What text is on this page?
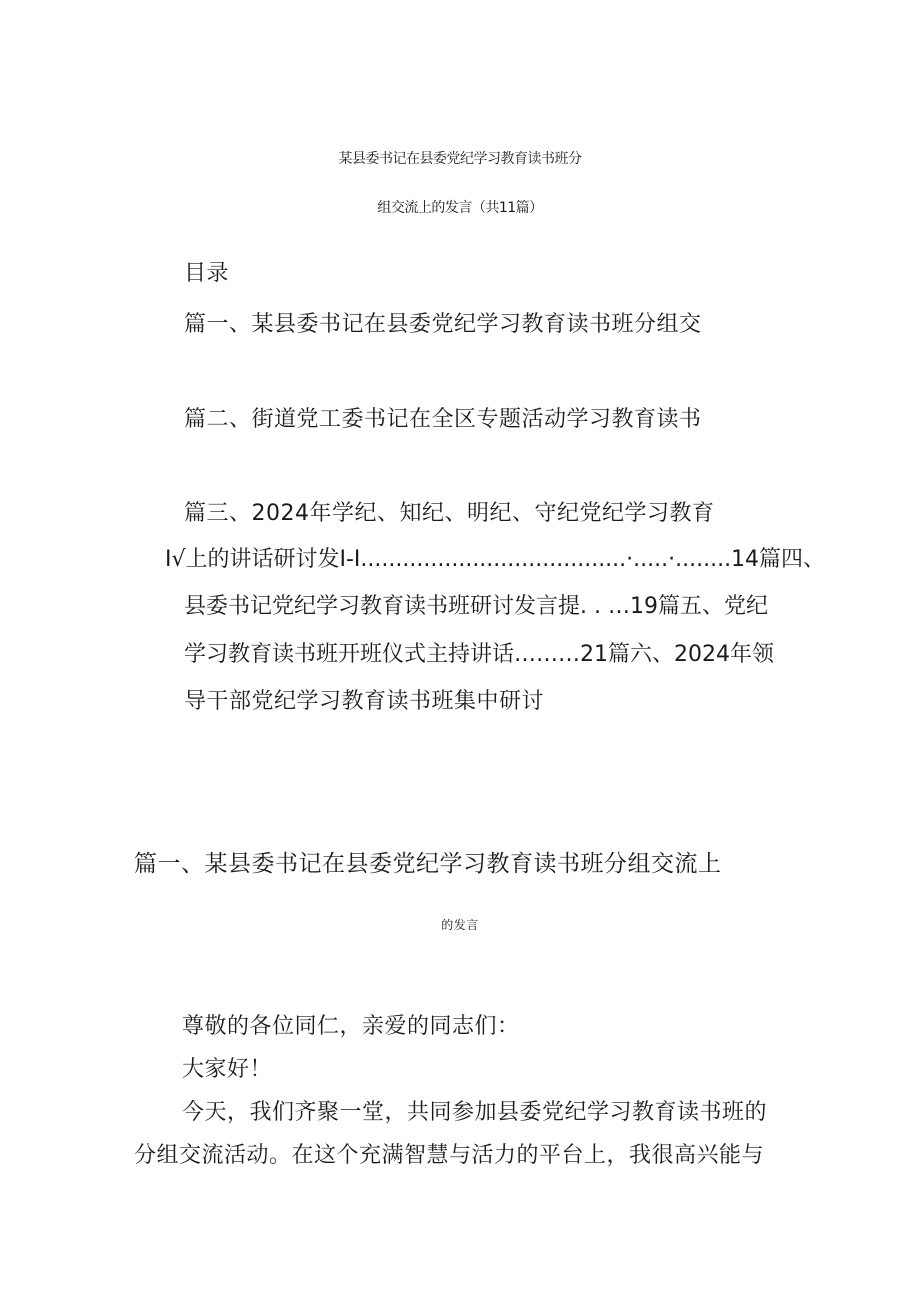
某县委书记在县委党纪学习教育读书班分
组交流上的发言（共11篇）
目录
篇一、某县委书记在县委党纪学习教育读书班分组交
篇二、街道党工委书记在全区专题活动学习教育读书
篇三、2024年学纪、知纪、明纪、守纪党纪学习教育
I√上的讲话研讨发I-I......................................·.....·........14篇四、
县委书记党纪学习教育读书班研讨发言提. . …19篇五、党纪
学习教育读书班开班仪式主持讲话………21篇六、2024年领
导干部党纪学习教育读书班集中研讨
篇一、某县委书记在县委党纪学习教育读书班分组交流上
的发言
尊敬的各位同仁，亲爱的同志们：
大家好！
今天，我们齐聚一堂，共同参加县委党纪学习教育读书班的
分组交流活动。在这个充满智慧与活力的平台上，我很高兴能与
